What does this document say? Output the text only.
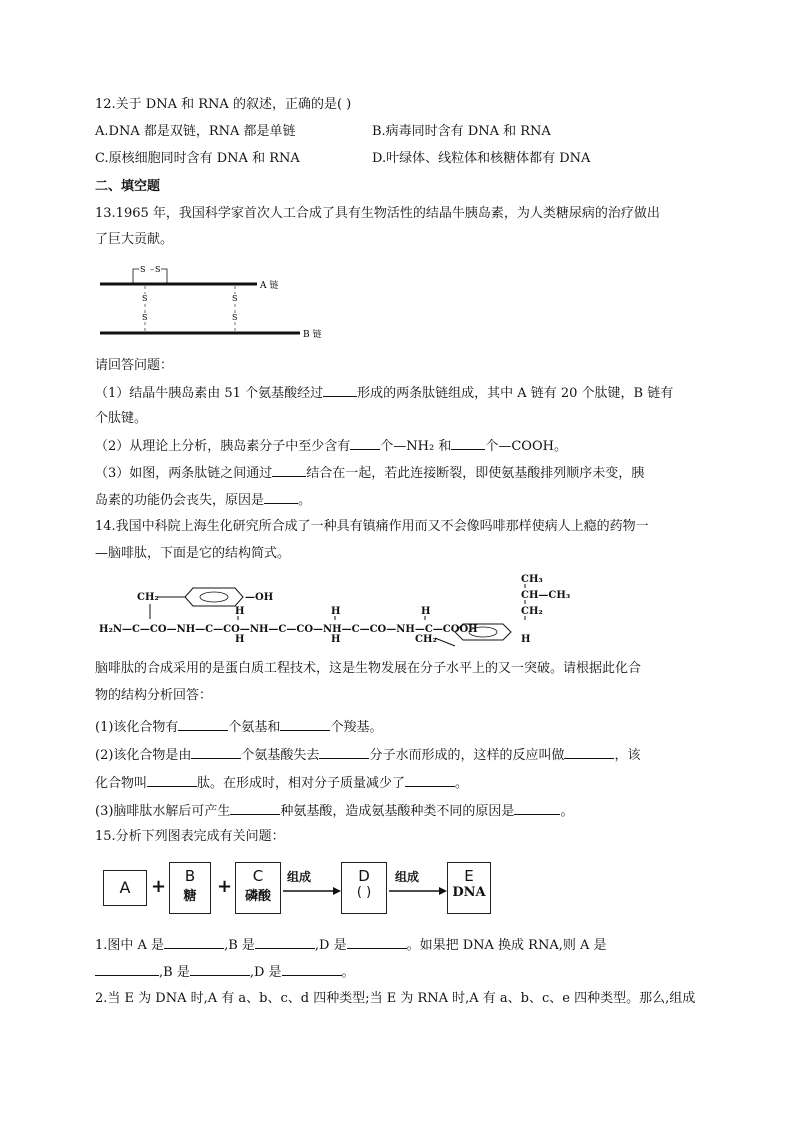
12.关于 DNA 和 RNA 的叙述，正确的是( )
A.DNA 都是双链，RNA 都是单链	B.病毒同时含有 DNA 和 RNA
C.原核细胞同时含有 DNA 和 RNA	D.叶绿体、线粒体和核糖体都有 DNA
二、填空题
13.1965 年，我国科学家首次人工合成了具有生物活性的结晶牛胰岛素，为人类糖尿病的治疗做出
了巨大贡献。
A 链
B 链
S – S
S
S
S
S
请回答问题：
（1）结晶牛胰岛素由 51 个氨基酸经过	形成的两条肽链组成，其中 A 链有 20 个肽键，B 链有
个肽键。
（2）从理论上分析，胰岛素分子中至少含有 个—NH₂ 和	个—COOH。
（3）如图，两条肽链之间通过	结合在一起，若此连接断裂，即使氨基酸排列顺序未变，胰
岛素的功能仍会丧失，原因是	。
14.我国中科院上海生化研究所合成了一种具有镇痛作用而又不会像吗啡那样使病人上瘾的药物一
—脑啡肽，下面是它的结构简式。
CH₂	—OH
H
H
H
H
H
CH₂	H
CH₃
CH—CH₃
CH₂
H₂N—C—CO—NH—C—CO—NH—C—CO—NH—C—CO—NH—C—COOH
脑啡肽的合成采用的是蛋白质工程技术，这是生物发展在分子水平上的又一突破。请根据此化合
物的结构分析回答：
(1)该化合物有	个氨基和	个羧基。
(2)该化合物是由	个氨基酸失去	分子水而形成的，这样的反应叫做	，该
化合物叫	肽。在形成时，相对分子质量减少了	。
(3)脑啡肽水解后可产生	种氨基酸，造成氨基酸种类不同的原因是	。
15.分析下列图表完成有关问题：
A	+	B
糖	+	C
磷酸
组成	D
( )
组成	E
DNA
1.图中 A 是	,B 是	,D 是	。如果把 DNA 换成 RNA,则 A 是
,B 是	,D 是	。
2.当 E 为 DNA 时,A 有 a、b、c、d 四种类型;当 E 为 RNA 时,A 有 a、b、c、e 四种类型。那么,组成
